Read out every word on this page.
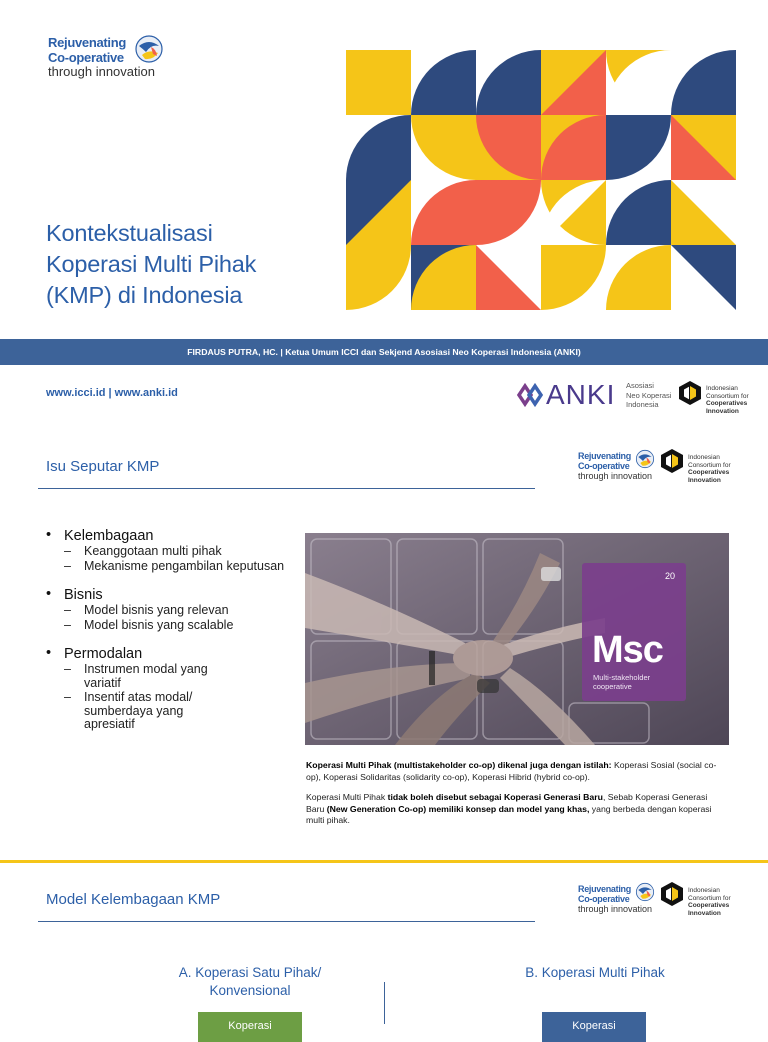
Rejuvenating
Co-operative
through innovation
Kontekstualisasi
Koperasi Multi Pihak
(KMP) di Indonesia
FIRDAUS PUTRA, HC. | Ketua Umum ICCI dan Sekjend Asosiasi Neo Koperasi Indonesia (ANKI)
www.icci.id | www.anki.id	ANKI Asosiasi
Neo Koperasi
Indonesia
Indonesian
Consortium for
Cooperatives
Innovation
Isu Seputar KMP
Rejuvenating
Co-operative
through innovation
Indonesian
Consortium for
Cooperatives
Innovation
• Kelembagaan
– Keanggotaan multi pihak
– Mekanisme pengambilan keputusan
• Bisnis
– Model bisnis yang relevan
– Model bisnis yang scalable
• Permodalan
– Instrumen modal yang variatif
– Insentif atas modal/ sumberdaya yang apresiatif
20
Msc
Multi-stakeholder
cooperative

Koperasi Multi Pihak (multistakeholder co-op) dikenal juga dengan istilah: Koperasi Sosial (social co-op), Koperasi Solidaritas (solidarity co-op), Koperasi Hibrid (hybrid co-op).

Koperasi Multi Pihak tidak boleh disebut sebagai Koperasi Generasi Baru, Sebab Koperasi Generasi Baru (New Generation Co-op) memiliki konsep dan model yang khas, yang berbeda dengan koperasi multi pihak.

Model Kelembagaan KMP
Rejuvenating
Co-operative
through innovation
Indonesian
Consortium for
Cooperatives
Innovation
A. Koperasi Satu Pihak/ Konvensional
B. Koperasi Multi Pihak
Koperasi	Koperasi
